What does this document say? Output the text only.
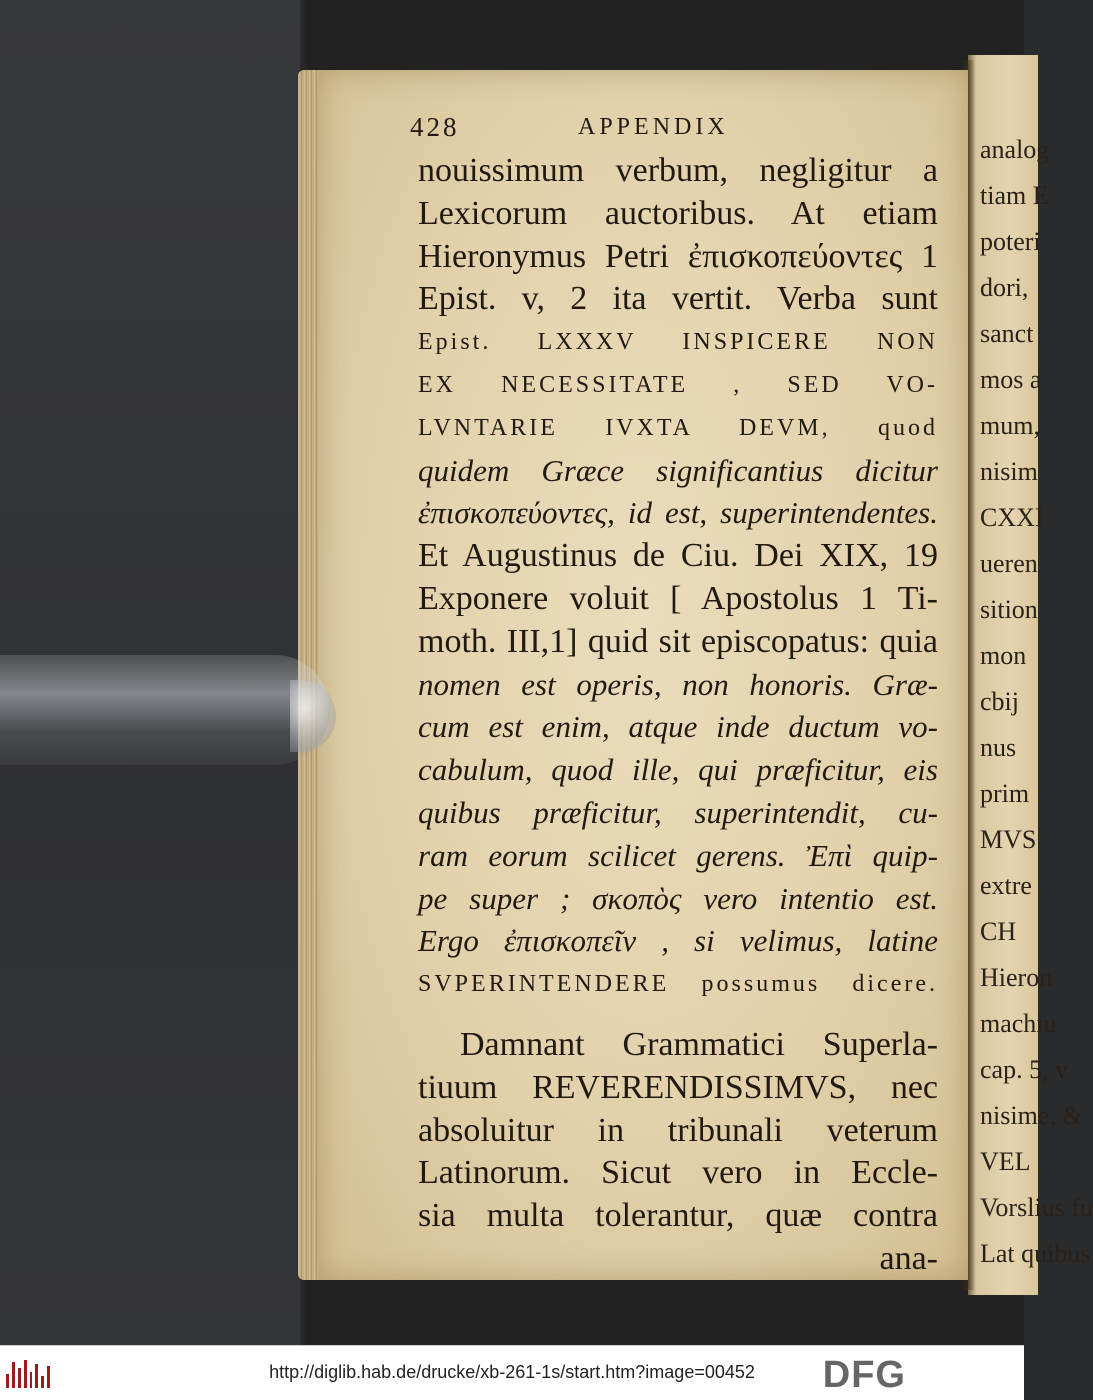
analog
tiam E
poteri
dori,
sanct
mos a
mum,
nisim
CXXI
ueren
sition
mon
cbij
nus
prim
MVS
extre
CH
Hieron
machiu
cap. 5, v
nisime, &
VEL
Vorslius fu
Lat quibus
428	APPENDIX
nouissimum verbum, negligitur a
Lexicorum auctoribus. At etiam
Hieronymus Petri ἐπισκοπεύοντες 1
Epist. v, 2 ita vertit. Verba sunt
Epist. LXXXV INSPICERE NON
EX NECESSITATE , SED VO-
LVNTARIE IVXTA DEVM, quod
quidem Græce significantius dicitur
ἐπισκοπεύοντες, id est, superintendentes.
Et Augustinus de Ciu. Dei XIX, 19
Exponere voluit [ Apostolus 1 Ti-
moth. III,1] quid sit episcopatus: quia
nomen est operis, non honoris. Græ-
cum est enim, atque inde ductum vo-
cabulum, quod ille, qui præficitur, eis
quibus præficitur, superintendit, cu-
ram eorum scilicet gerens. Ἐπὶ quip-
pe super ; σκοπὸς vero intentio est.
Ergo ἐπισκοπεῖν , si velimus, latine
SVPERINTENDERE possumus dicere.
Damnant Grammatici Superla-
tiuum REVERENDISSIMVS, nec
absoluitur in tribunali veterum
Latinorum. Sicut vero in Eccle-
sia multa tolerantur, quæ contra
ana-
http://diglib.hab.de/drucke/xb-261-1s/start.htm?image=00452	DFG
